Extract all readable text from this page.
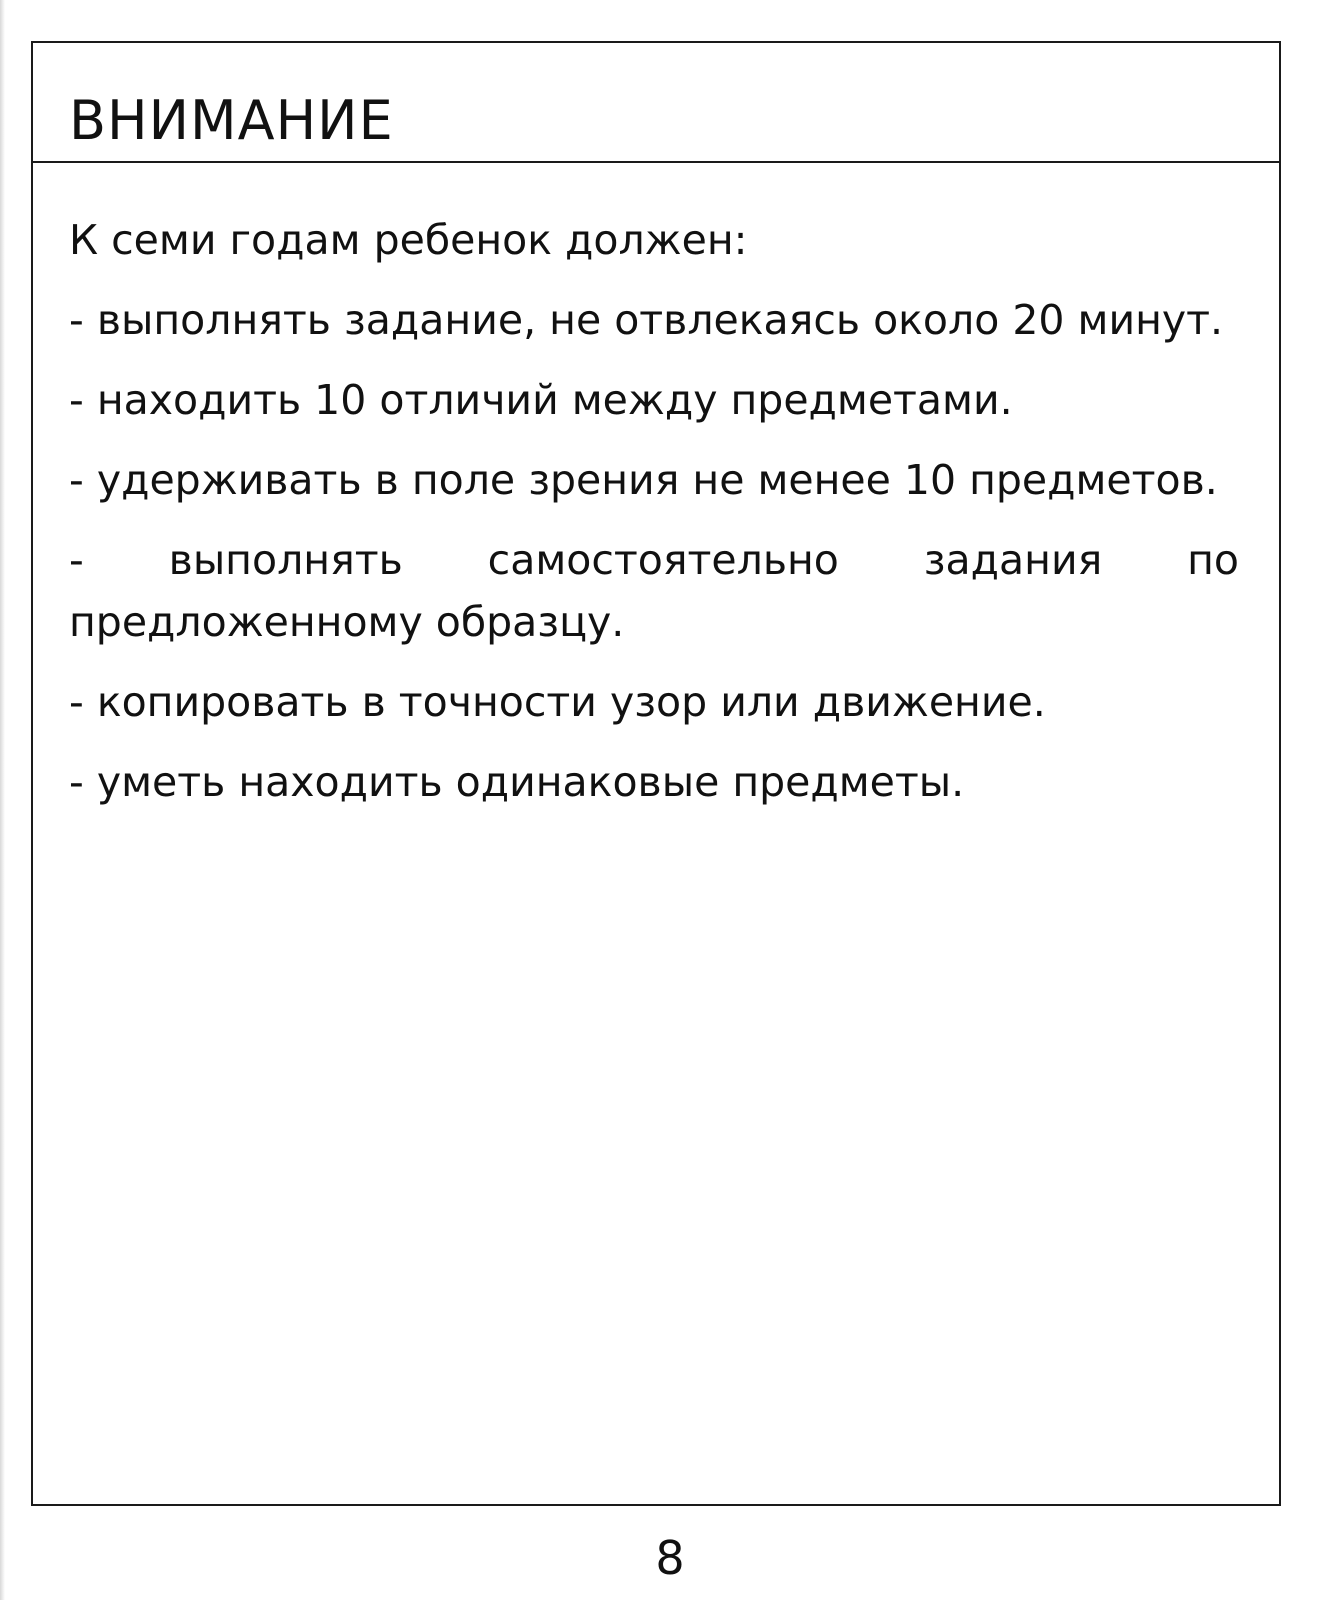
ВНИМАНИЕ

К семи годам ребенок должен:

- выполнять задание, не отвлекаясь около 20 минут.

- находить 10 отличий между предметами.

- удерживать в поле зрения не менее 10 предметов.

- выполнять самостоятельно задания по предложенному образцу.

- копировать в точности узор или движение.

- уметь находить одинаковые предметы.

8
